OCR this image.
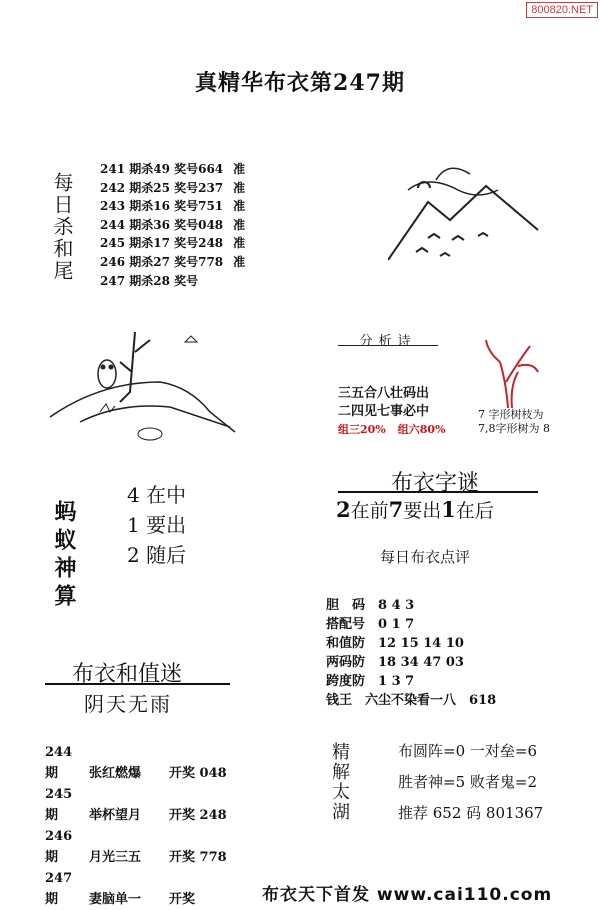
800820.NET
真精华布衣第247期
每日杀和尾
241 期杀49 奖号664 准
242 期杀25 奖号237 准
243 期杀16 奖号751 准
244 期杀36 奖号048 准
245 期杀17 奖号248 准
246 期杀27 奖号778 准
247 期杀28 奖号
分析诗
三五合八壮码出
二四见七事必中
组三20% 组六80%
7 字形树枝为
7,8字形树为 8
蚂蚁神算
4 在中
1 要出
2 随后
布衣字谜
2在前7要出1在后
每日布衣点评
胆　码 8 4 3
搭配号 0 1 7
和值防 12 15 14 10
两码防 18 34 47 03
跨度防 1 3 7
钱王　 六尘不染看一八　618
布衣和值迷
阴天无雨
244 期 张红燃爆 开奖 048
245 期 举杯望月 开奖 248
246 期 月光三五 开奖 778
247 期 妻脑单一 开奖
精解太湖	布圆阵=0 一对垒=6
胜者神=5 败者鬼=2
推荐 652 码 801367
布衣天下首发 www.cai110.com
